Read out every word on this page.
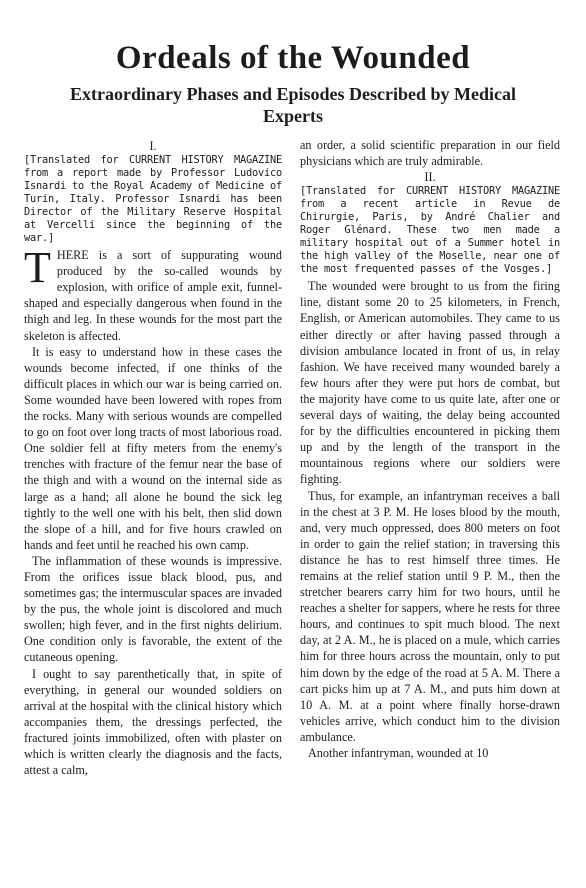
Ordeals of the Wounded
Extraordinary Phases and Episodes Described by Medical Experts

I.

[Translated for CURRENT HISTORY MAGAZINE from a report made by Professor Ludovico Isnardi to the Royal Academy of Medicine of Turin, Italy. Professor Isnardi has been Director of the Military Reserve Hospital at Vercelli since the beginning of the war.]

THERE is a sort of suppurating wound produced by the so-called wounds by explosion, with orifice of ample exit, funnel-shaped and especially dangerous when found in the thigh and leg. In these wounds for the most part the skeleton is affected.

It is easy to understand how in these cases the wounds become infected, if one thinks of the difficult places in which our war is being carried on. Some wounded have been lowered with ropes from the rocks. Many with serious wounds are compelled to go on foot over long tracts of most laborious road. One soldier fell at fifty meters from the enemy's trenches with fracture of the femur near the base of the thigh and with a wound on the internal side as large as a hand; all alone he bound the sick leg tightly to the well one with his belt, then slid down the slope of a hill, and for five hours crawled on hands and feet until he reached his own camp.

The inflammation of these wounds is impressive. From the orifices issue black blood, pus, and sometimes gas; the intermuscular spaces are invaded by the pus, the whole joint is discolored and much swollen; high fever, and in the first nights delirium. One condition only is favorable, the extent of the cutaneous opening.

I ought to say parenthetically that, in spite of everything, in general our wounded soldiers on arrival at the hospital with the clinical history which accompanies them, the dressings perfected, the fractured joints immobilized, often with plaster on which is written clearly the diagnosis and the facts, attest a calm,

an order, a solid scientific preparation in our field physicians which are truly admirable.

II.

[Translated for CURRENT HISTORY MAGAZINE from a recent article in Revue de Chirurgie, Paris, by André Chalier and Roger Glénard. These two men made a military hospital out of a Summer hotel in the high valley of the Moselle, near one of the most frequented passes of the Vosges.]

The wounded were brought to us from the firing line, distant some 20 to 25 kilometers, in French, English, or American automobiles. They came to us either directly or after having passed through a division ambulance located in front of us, in relay fashion. We have received many wounded barely a few hours after they were put hors de combat, but the majority have come to us quite late, after one or several days of waiting, the delay being accounted for by the difficulties encountered in picking them up and by the length of the transport in the mountainous regions where our soldiers were fighting.

Thus, for example, an infantryman receives a ball in the chest at 3 P. M. He loses blood by the mouth, and, very much oppressed, does 800 meters on foot in order to gain the relief station; in traversing this distance he has to rest himself three times. He remains at the relief station until 9 P. M., then the stretcher bearers carry him for two hours, until he reaches a shelter for sappers, where he rests for three hours, and continues to spit much blood. The next day, at 2 A. M., he is placed on a mule, which carries him for three hours across the mountain, only to put him down by the edge of the road at 5 A. M. There a cart picks him up at 7 A. M., and puts him down at 10 A. M. at a point where finally horse-drawn vehicles arrive, which conduct him to the division ambulance.

Another infantryman, wounded at 10
